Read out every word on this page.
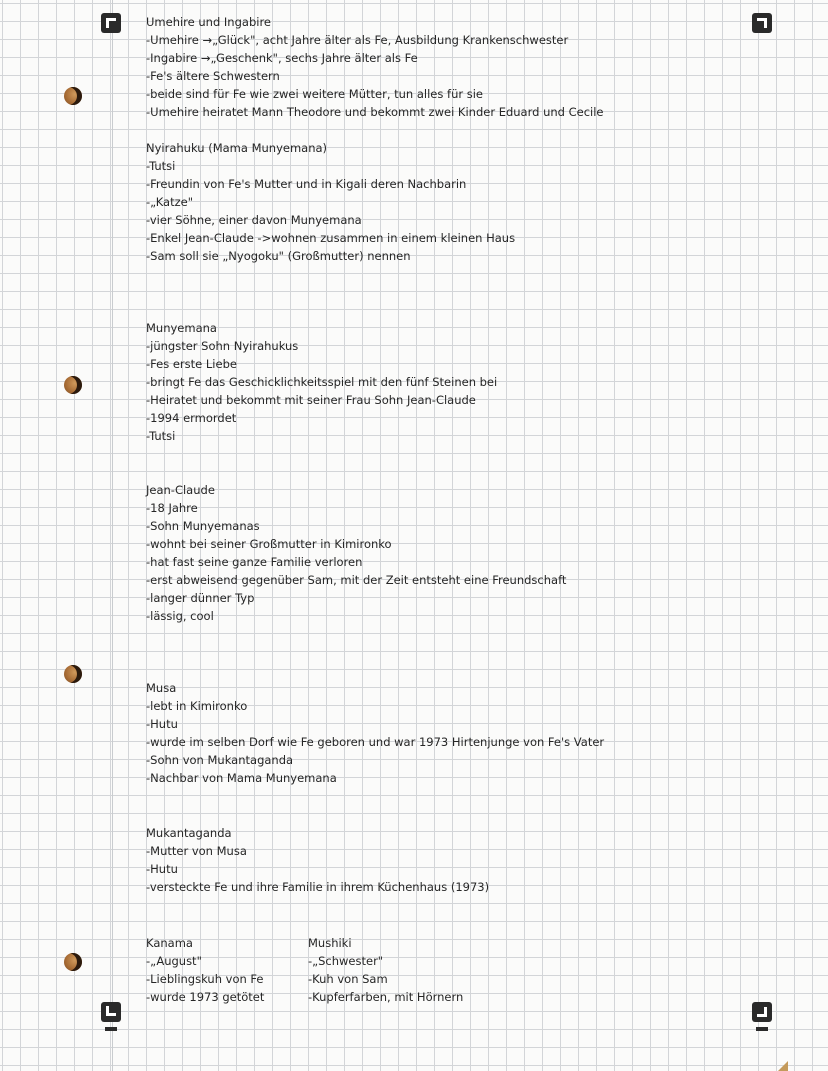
Umehire und Ingabire
-Umehire →„Glück", acht Jahre älter als Fe, Ausbildung Krankenschwester
-Ingabire →„Geschenk", sechs Jahre älter als Fe
-Fe's ältere Schwestern
-beide sind für Fe wie zwei weitere Mütter, tun alles für sie
-Umehire heiratet Mann Theodore und bekommt zwei Kinder Eduard und Cecile
Nyirahuku (Mama Munyemana)
-Tutsi
-Freundin von Fe's Mutter und in Kigali deren Nachbarin
-„Katze"
-vier Söhne, einer davon Munyemana
-Enkel Jean-Claude ->wohnen zusammen in einem kleinen Haus
-Sam soll sie „Nyogoku" (Großmutter) nennen
Munyemana
-jüngster Sohn Nyirahukus
-Fes erste Liebe
-bringt Fe das Geschicklichkeitsspiel mit den fünf Steinen bei
-Heiratet und bekommt mit seiner Frau Sohn Jean-Claude
-1994 ermordet
-Tutsi
Jean-Claude
-18 Jahre
-Sohn Munyemanas
-wohnt bei seiner Großmutter in Kimironko
-hat fast seine ganze Familie verloren
-erst abweisend gegenüber Sam, mit der Zeit entsteht eine Freundschaft
-langer dünner Typ
-lässig, cool
Musa
-lebt in Kimironko
-Hutu
-wurde im selben Dorf wie Fe geboren und war 1973 Hirtenjunge von Fe's Vater
-Sohn von Mukantaganda
-Nachbar von Mama Munyemana
Mukantaganda
-Mutter von Musa
-Hutu
-versteckte Fe und ihre Familie in ihrem Küchenhaus (1973)
Kanama
-„August"
-Lieblingskuh von Fe
-wurde 1973 getötet
Mushiki
-„Schwester"
-Kuh von Sam
-Kupferfarben, mit Hörnern
